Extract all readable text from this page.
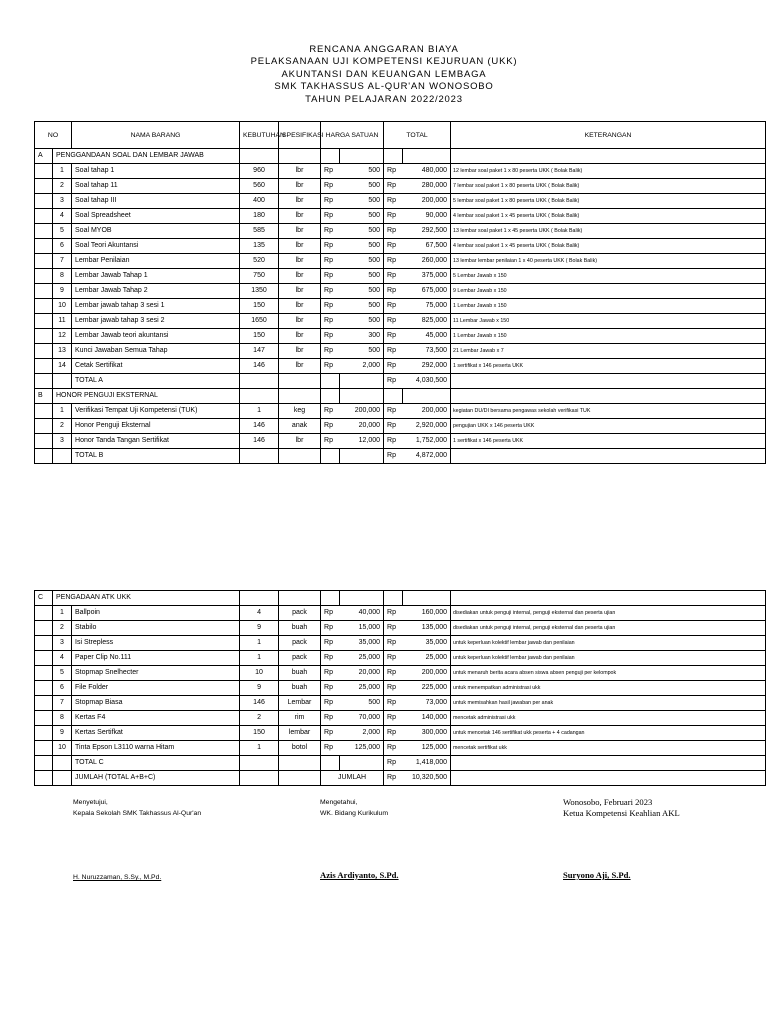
RENCANA ANGGARAN BIAYA
PELAKSANAAN UJI KOMPETENSI KEJURUAN (UKK)
AKUNTANSI DAN KEUANGAN LEMBAGA
SMK TAKHASSUS AL-QUR'AN WONOSOBO
TAHUN PELAJARAN 2022/2023
NO		NAMA BARANG	KEBUTUHAN	SPESIFIKASI	HARGA SATUAN		TOTAL		KETERANGAN
A	PENGGANDAAN SOAL DAN LEMBAR JAWAB								
	1	Soal tahap 1	960	lbr	Rp	500	Rp	480,000	12 lembar soal paket 1 x 80 peserta UKK ( Bolak Balik)
	2	Soal tahap 11	560	lbr	Rp	500	Rp	280,000	7 lembar soal paket 1 x 80 peserta UKK ( Bolak Balik)
	3	Soal tahap III	400	lbr	Rp	500	Rp	200,000	5 lembar soal paket 1 x 80 peserta UKK ( Bolak Balik)
	4	Soal Spreadsheet	180	lbr	Rp	500	Rp	90,000	4 lembar soal paket 1 x 45 peserta UKK ( Bolak Balik)
	5	Soal MYOB	585	lbr	Rp	500	Rp	292,500	13 lembar soal paket 1 x 45 peserta UKK ( Bolak Balik)
	6	Soal Teori Akuntansi	135	lbr	Rp	500	Rp	67,500	4 lembar soal paket 1 x 45 peserta UKK ( Bolak Balik)
	7	Lembar Penilaian	520	lbr	Rp	500	Rp	260,000	13 lembar lembar penilaian 1 x 40 peserta UKK ( Bolak Balik)
	8	Lembar Jawab Tahap 1	750	lbr	Rp	500	Rp	375,000	5 Lembar Jawab x 150
	9	Lembar Jawab Tahap 2	1350	lbr	Rp	500	Rp	675,000	9 Lembar Jawab x 150
	10	Lembar jawab tahap 3 sesi 1	150	lbr	Rp	500	Rp	75,000	1 Lembar Jawab x 150
	11	Lembar jawab tahap 3 sesi 2	1650	lbr	Rp	500	Rp	825,000	11 Lembar Jawab x 150
	12	Lembar Jawab teori akuntansi	150	lbr	Rp	300	Rp	45,000	1 Lembar Jawab x 150
	13	Kunci Jawaban Semua Tahap	147	lbr	Rp	500	Rp	73,500	21 Lembar Jawab x 7
	14	Cetak Sertifikat	146	lbr	Rp	2,000	Rp	292,000	1 sertifikat x 146 peserta UKK
		TOTAL A					Rp	4,030,500	
B	HONOR PENGUJI EKSTERNAL								
	1	Verifikasi Tempat Uji Kompetensi (TUK)	1	keg	Rp	200,000	Rp	200,000	kegiatan DU/DI bersama pengawas sekolah verifikasi TUK
	2	Honor Penguji Eksternal	146	anak	Rp	20,000	Rp	2,920,000	pengujian UKK x 146 peserta UKK
	3	Honor Tanda Tangan Sertifikat	146	lbr	Rp	12,000	Rp	1,752,000	1 sertifikat x 146 peserta UKK
		TOTAL B					Rp	4,872,000	
C	PENGADAAN ATK UKK								
	1	Ballpoin	4	pack	Rp	40,000	Rp	160,000	disediakan untuk penguji internal, penguji eksternal dan peserta ujian
	2	Stabilo	9	buah	Rp	15,000	Rp	135,000	disediakan untuk penguji internal, penguji eksternal dan peserta ujian
	3	Isi Strepless	1	pack	Rp	35,000	Rp	35,000	untuk keperluan kolektif lembar jawab dan penilaian
	4	Paper Clip No.111	1	pack	Rp	25,000	Rp	25,000	untuk keperluan kolektif lembar jawab dan penilaian
	5	Stopmap Snelhecter	10	buah	Rp	20,000	Rp	200,000	untuk menaruh berita acara absen siswa absen penguji per kelompok
	6	File Folder	9	buah	Rp	25,000	Rp	225,000	untuk menempatkan administrasi ukk
	7	Stopmap Biasa	146	Lembar	Rp	500	Rp	73,000	untuk memisahkan hasil jawaban per anak
	8	Kertas F4	2	rim	Rp	70,000	Rp	140,000	mencetak administrasi ukk
	9	Kertas Sertifkat	150	lembar	Rp	2,000	Rp	300,000	untuk mencetak 146 sertifikat ukk peserta + 4 cadangan
	10	Tinta Epson L3110 warna Hitam	1	botol	Rp	125,000	Rp	125,000	mencetak sertifikat ukk
		TOTAL C					Rp	1,418,000	
		JUMLAH (TOTAL A+B+C)			JUMLAH		Rp	10,320,500	
Menyetujui,
Kepala Sekolah SMK Takhassus Al-Qur'an
H. Nuruzzaman, S.Sy., M.Pd.
Mengetahui,
WK. Bidang Kurikulum
Azis Ardiyanto, S.Pd.
Wonosobo, Februari 2023
Ketua Kompetensi Keahlian AKL
Suryono Aji, S.Pd.
